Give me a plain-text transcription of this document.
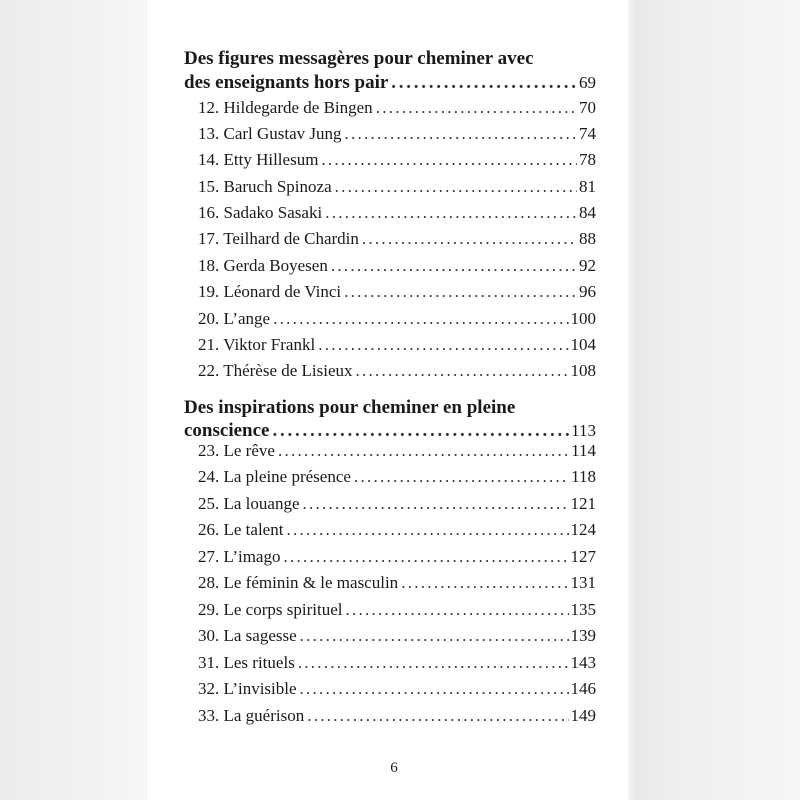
Des figures messagères pour cheminer avec
des enseignants hors pair . . .	69
12. Hildegarde de Bingen . . .	70
13. Carl Gustav Jung . . .	74
14. Etty Hillesum . . .	78
15. Baruch Spinoza . . .	81
16. Sadako Sasaki . . .	84
17. Teilhard de Chardin . . .	88
18. Gerda Boyesen . . .	92
19. Léonard de Vinci . . .	96
20. L’ange . . .	100
21. Viktor Frankl . . .	104
22. Thérèse de Lisieux . . .	108
Des inspirations pour cheminer en pleine
conscience . . .	113
23. Le rêve . . .	114
24. La pleine présence . . .	118
25. La louange . . .	121
26. Le talent . . .	124
27. L’imago . . .	127
28. Le féminin & le masculin . . .	131
29. Le corps spirituel . . .	135
30. La sagesse . . .	139
31. Les rituels . . .	143
32. L’invisible . . .	146
33. La guérison . . .	149
6
